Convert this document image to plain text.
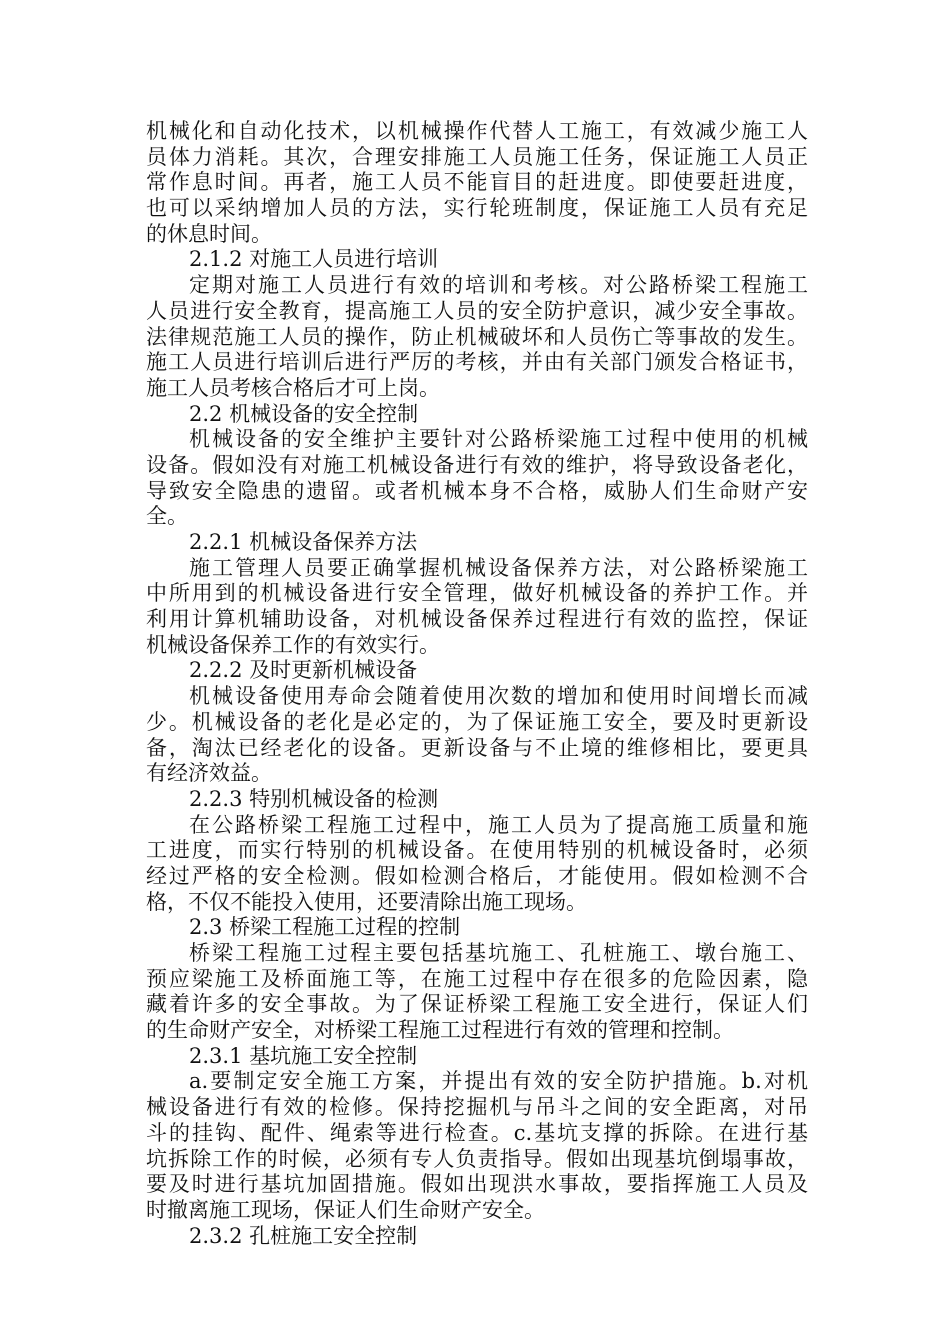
机械化和自动化技术，以机械操作代替人工施工，有效减少施工人
员体力消耗。其次，合理安排施工人员施工任务，保证施工人员正
常作息时间。再者，施工人员不能盲目的赶进度。即使要赶进度，
也可以采纳增加人员的方法，实行轮班制度，保证施工人员有充足
的休息时间。
2.1.2 对施工人员进行培训
定期对施工人员进行有效的培训和考核。对公路桥梁工程施工
人员进行安全教育，提高施工人员的安全防护意识，减少安全事故。
法律规范施工人员的操作，防止机械破坏和人员伤亡等事故的发生。
施工人员进行培训后进行严厉的考核，并由有关部门颁发合格证书，
施工人员考核合格后才可上岗。
2.2 机械设备的安全控制
机械设备的安全维护主要针对公路桥梁施工过程中使用的机械
设备。假如没有对施工机械设备进行有效的维护，将导致设备老化，
导致安全隐患的遗留。或者机械本身不合格，威胁人们生命财产安
全。
2.2.1 机械设备保养方法
施工管理人员要正确掌握机械设备保养方法，对公路桥梁施工
中所用到的机械设备进行安全管理，做好机械设备的养护工作。并
利用计算机辅助设备，对机械设备保养过程进行有效的监控，保证
机械设备保养工作的有效实行。
2.2.2 及时更新机械设备
机械设备使用寿命会随着使用次数的增加和使用时间增长而减
少。机械设备的老化是必定的，为了保证施工安全，要及时更新设
备，淘汰已经老化的设备。更新设备与不止境的维修相比，要更具
有经济效益。
2.2.3 特别机械设备的检测
在公路桥梁工程施工过程中，施工人员为了提高施工质量和施
工进度，而实行特别的机械设备。在使用特别的机械设备时，必须
经过严格的安全检测。假如检测合格后，才能使用。假如检测不合
格，不仅不能投入使用，还要清除出施工现场。
2.3 桥梁工程施工过程的控制
桥梁工程施工过程主要包括基坑施工、孔桩施工、墩台施工、
预应梁施工及桥面施工等，在施工过程中存在很多的危险因素，隐
藏着许多的安全事故。为了保证桥梁工程施工安全进行，保证人们
的生命财产安全，对桥梁工程施工过程进行有效的管理和控制。
2.3.1 基坑施工安全控制
a.要制定安全施工方案，并提出有效的安全防护措施。b.对机
械设备进行有效的检修。保持挖掘机与吊斗之间的安全距离，对吊
斗的挂钩、配件、绳索等进行检查。c.基坑支撑的拆除。在进行基
坑拆除工作的时候，必须有专人负责指导。假如出现基坑倒塌事故，
要及时进行基坑加固措施。假如出现洪水事故，要指挥施工人员及
时撤离施工现场，保证人们生命财产安全。
2.3.2 孔桩施工安全控制
